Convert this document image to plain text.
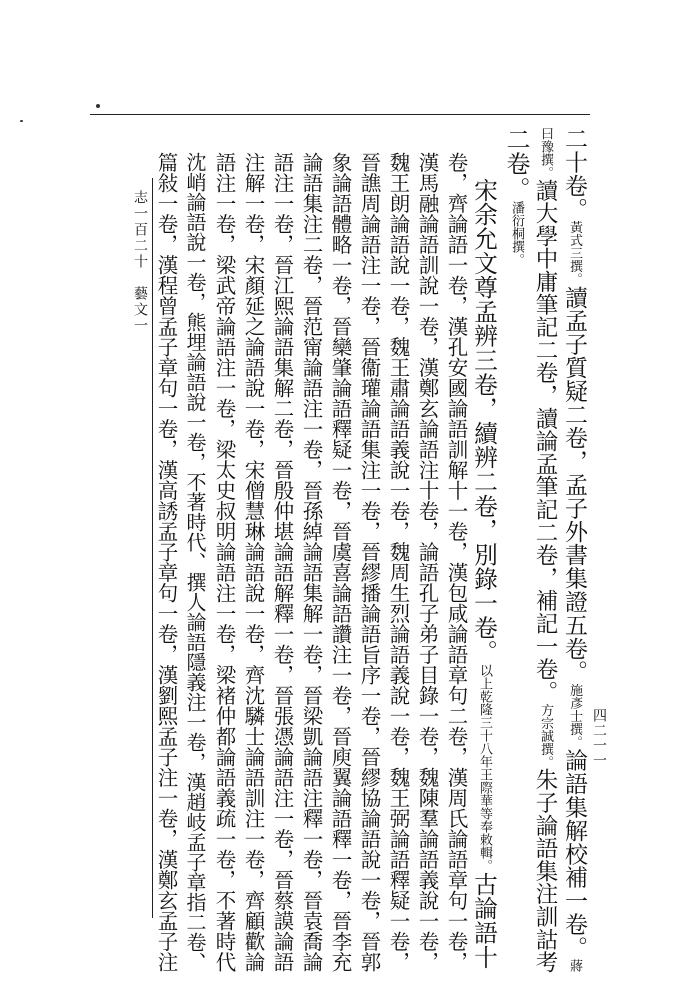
二十卷。黃式三撰。讀孟子質疑二卷，孟子外書集證五卷。施彥士撰。論語集解校補一卷。蔣
曰豫撰。讀大學中庸筆記二卷，讀論孟筆記二卷，補記一卷。方宗誠撰。朱子論語集注訓詁考
二卷。潘衍桐撰。
宋余允文尊孟辨三卷，續辨二卷，別錄一卷。以上乾隆三十八年王際華等奉敕輯。古論語十
卷，齊論語一卷，漢孔安國論語訓解十一卷，漢包咸論語章句二卷，漢周氏論語章句一卷，
漢馬融論語訓說一卷，漢鄭玄論語注十卷，論語孔子弟子目錄一卷，魏陳羣論語義說一卷，
魏王朗論語說一卷，魏王肅論語義說一卷，魏周生烈論語義說一卷，魏王弼論語釋疑一卷，
晉譙周論語注一卷，晉衞瓘論語集注一卷，晉繆播論語旨序一卷，晉繆協論語說一卷，晉郭
象論語體略一卷，晉欒肇論語釋疑一卷，晉虞喜論語讚注一卷，晉庾翼論語釋一卷，晉李充
論語集注二卷，晉范甯論語注一卷，晉孫綽論語集解一卷，晉梁凱論語注釋一卷，晉袁喬論
語注一卷，晉江熙論語集解二卷，晉殷仲堪論語解釋一卷，晉張憑論語注一卷，晉蔡謨論語
注解一卷，宋顏延之論語說一卷，宋僧慧琳論語說一卷，齊沈驎士論語訓注一卷，齊顧歡論
語注一卷，梁武帝論語注一卷，梁太史叔明論語注一卷，梁褚仲都論語義疏一卷，不著時代
沈峭論語說一卷，熊埋論語說一卷，不著時代、撰人論語隱義注一卷，漢趙岐孟子章指二卷、
篇敍一卷，漢程曾孟子章句一卷，漢高誘孟子章句一卷，漢劉熙孟子注一卷，漢鄭玄孟子注
志一百二十　藝文一
四二一一
